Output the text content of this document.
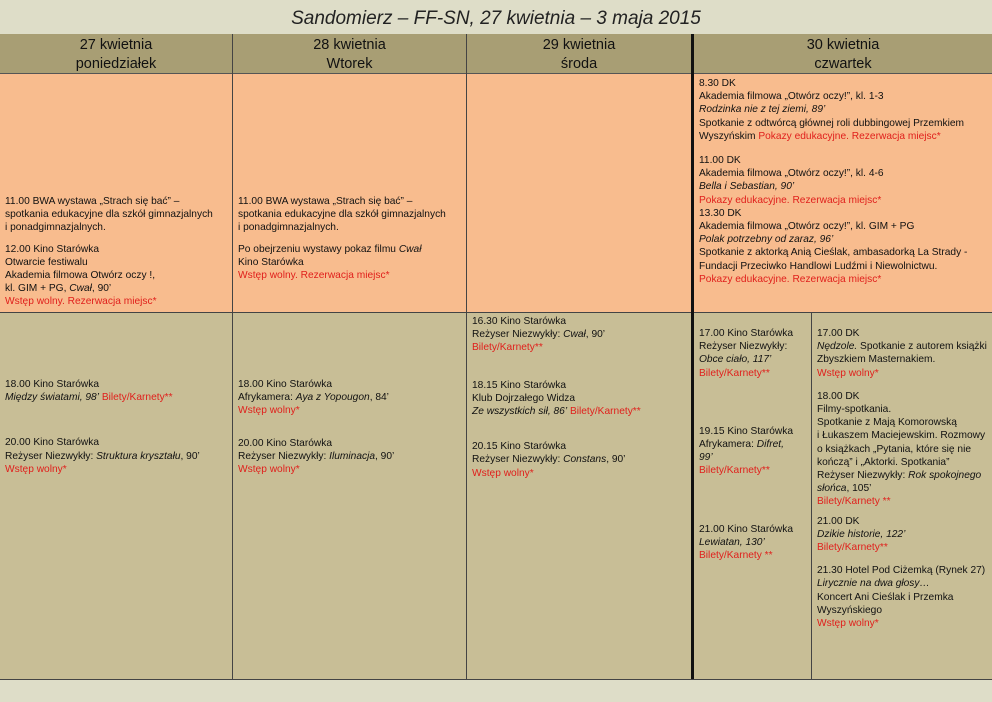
Sandomierz – FF-SN, 27 kwietnia – 3 maja 2015
27 kwietnia
poniedziałek
28 kwietnia
Wtorek
29 kwietnia
środa
30 kwietnia
czwartek

11.00 BWA wystawa „Strach się bać” –

spotkania edukacyjne dla szkół gimnazjalnych

i ponadgimnazjalnych.

12.00 Kino Starówka

Otwarcie festiwalu

Akademia filmowa Otwórz oczy !,

kl. GIM + PG, Cwał, 90’

Wstęp wolny. Rezerwacja miejsc*

11.00 BWA wystawa „Strach się bać” –

spotkania edukacyjne dla szkół gimnazjalnych

i ponadgimnazjalnych.

Po obejrzeniu wystawy pokaz filmu Cwał

Kino Starówka

Wstęp wolny. Rezerwacja miejsc*

8.30 DK

Akademia filmowa „Otwórz oczy!”, kl. 1-3

Rodzinka nie z tej ziemi, 89’

Spotkanie z odtwórcą głównej roli dubbingowej Przemkiem

Wyszyńskim Pokazy edukacyjne. Rezerwacja miejsc*

11.00 DK

Akademia filmowa „Otwórz oczy!”, kl. 4-6

Bella i Sebastian, 90’

Pokazy edukacyjne. Rezerwacja miejsc*

13.30 DK

Akademia filmowa „Otwórz oczy!”, kl. GIM + PG

Polak potrzebny od zaraz, 96’

Spotkanie z aktorką Anią Cieślak, ambasadorką La Strady -

Fundacji Przeciwko Handlowi Ludźmi i Niewolnictwu.

Pokazy edukacyjne. Rezerwacja miejsc*

18.00 Kino Starówka

Między światami, 98’ Bilety/Karnety**

20.00 Kino Starówka

Reżyser Niezwykły: Struktura kryształu, 90’

Wstęp wolny*

18.00 Kino Starówka

Afrykamera: Aya z Yopougon, 84’

Wstęp wolny*

20.00 Kino Starówka

Reżyser Niezwykły: Iluminacja, 90’

Wstęp wolny*

16.30 Kino Starówka

Reżyser Niezwykły: Cwał, 90’

Bilety/Karnety**

18.15 Kino Starówka

Klub Dojrzałego Widza

Ze wszystkich sił, 86’ Bilety/Karnety**

20.15 Kino Starówka

Reżyser Niezwykły: Constans, 90’

Wstęp wolny*

17.00 Kino Starówka

Reżyser Niezwykły:

Obce ciało, 117’

Bilety/Karnety**

19.15 Kino Starówka

Afrykamera: Difret,

99’

Bilety/Karnety**

21.00 Kino Starówka

Lewiatan, 130’

Bilety/Karnety **

17.00 DK

Nędzole. Spotkanie z autorem książki

Zbyszkiem Masternakiem.

Wstęp wolny*

18.00 DK

Filmy-spotkania.

Spotkanie z Mają Komorowską

i Łukaszem Maciejewskim. Rozmowy

o książkach „Pytania, które się nie

kończą” i „Aktorki. Spotkania”

Reżyser Niezwykły: Rok spokojnego

słońca, 105’

Bilety/Karnety **

21.00 DK

Dzikie historie, 122’

Bilety/Karnety**

21.30 Hotel Pod Ciżemką (Rynek 27)

Lirycznie na dwa głosy…

Koncert Ani Cieślak i Przemka

Wyszyńskiego

Wstęp wolny*
